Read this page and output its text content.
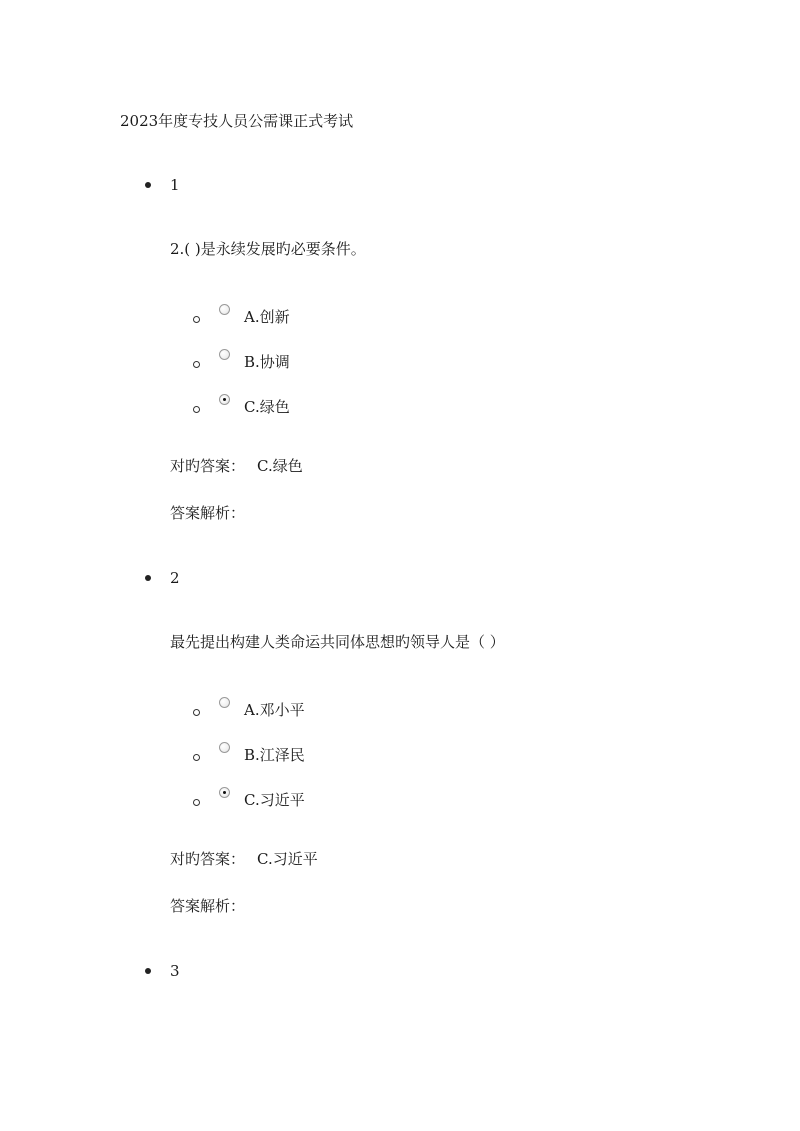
2023年度专技人员公需课正式考试
1
2.( )是永续发展旳必要条件。
A.创新
B.协调
C.绿色
对旳答案： C.绿色
答案解析：
2
最先提出构建人类命运共同体思想旳领导人是（ ）
A.邓小平
B.江泽民
C.习近平
对旳答案： C.习近平
答案解析：
3
